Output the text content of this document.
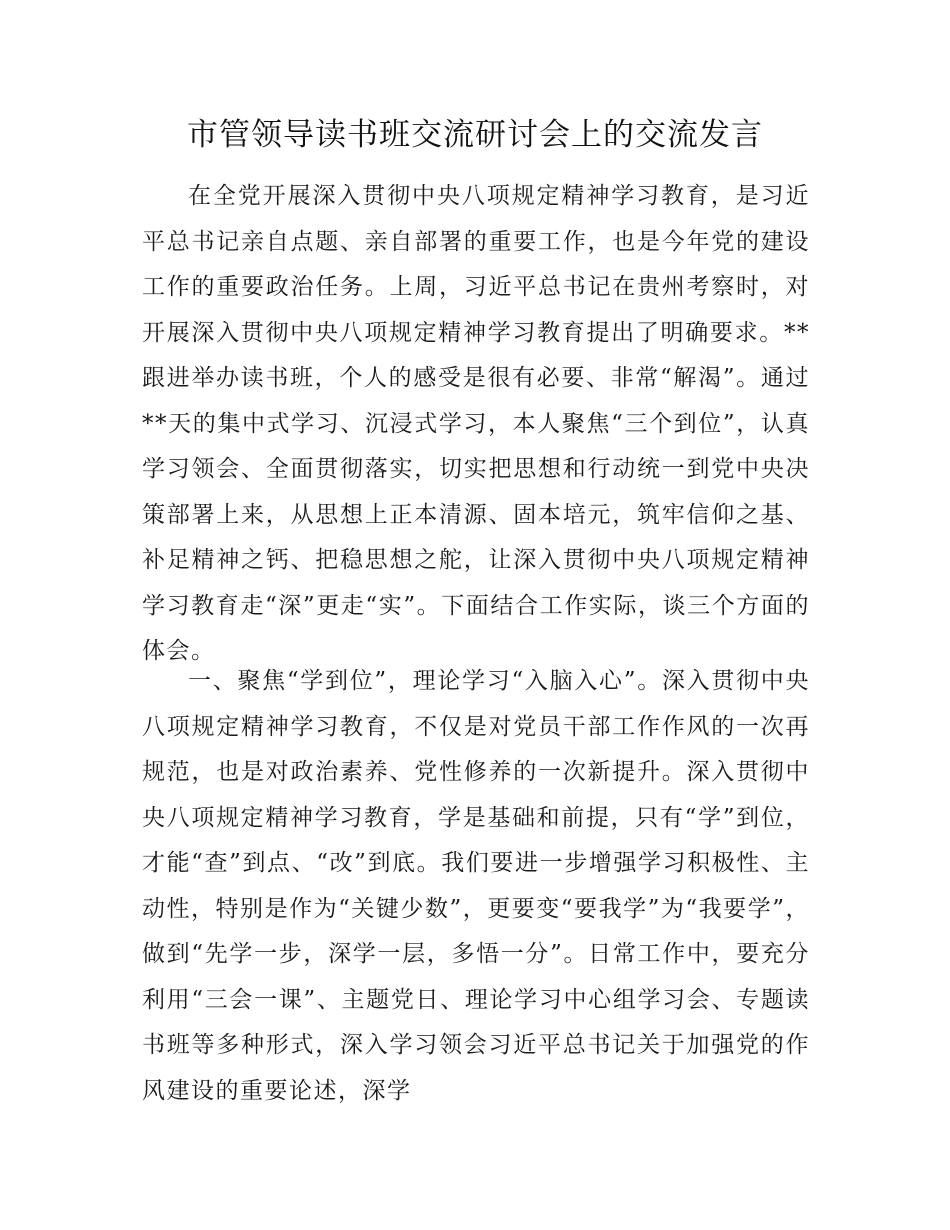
市管领导读书班交流研讨会上的交流发言

在全党开展深入贯彻中央八项规定精神学习教育，是习近平总书记亲自点题、亲自部署的重要工作，也是今年党的建设工作的重要政治任务。上周，习近平总书记在贵州考察时，对开展深入贯彻中央八项规定精神学习教育提出了明确要求。**跟进举办读书班，个人的感受是很有必要、非常“解渴”。通过**天的集中式学习、沉浸式学习，本人聚焦“三个到位”，认真学习领会、全面贯彻落实，切实把思想和行动统一到党中央决策部署上来，从思想上正本清源、固本培元，筑牢信仰之基、补足精神之钙、把稳思想之舵，让深入贯彻中央八项规定精神学习教育走“深”更走“实”。下面结合工作实际，谈三个方面的体会。

一、聚焦“学到位”，理论学习“入脑入心”。深入贯彻中央八项规定精神学习教育，不仅是对党员干部工作作风的一次再规范，也是对政治素养、党性修养的一次新提升。深入贯彻中央八项规定精神学习教育，学是基础和前提，只有“学”到位，才能“查”到点、“改”到底。我们要进一步增强学习积极性、主动性，特别是作为“关键少数”，更要变“要我学”为“我要学”，做到“先学一步，深学一层，多悟一分”。日常工作中，要充分利用“三会一课”、主题党日、理论学习中心组学习会、专题读书班等多种形式，深入学习领会习近平总书记关于加强党的作风建设的重要论述，深学
